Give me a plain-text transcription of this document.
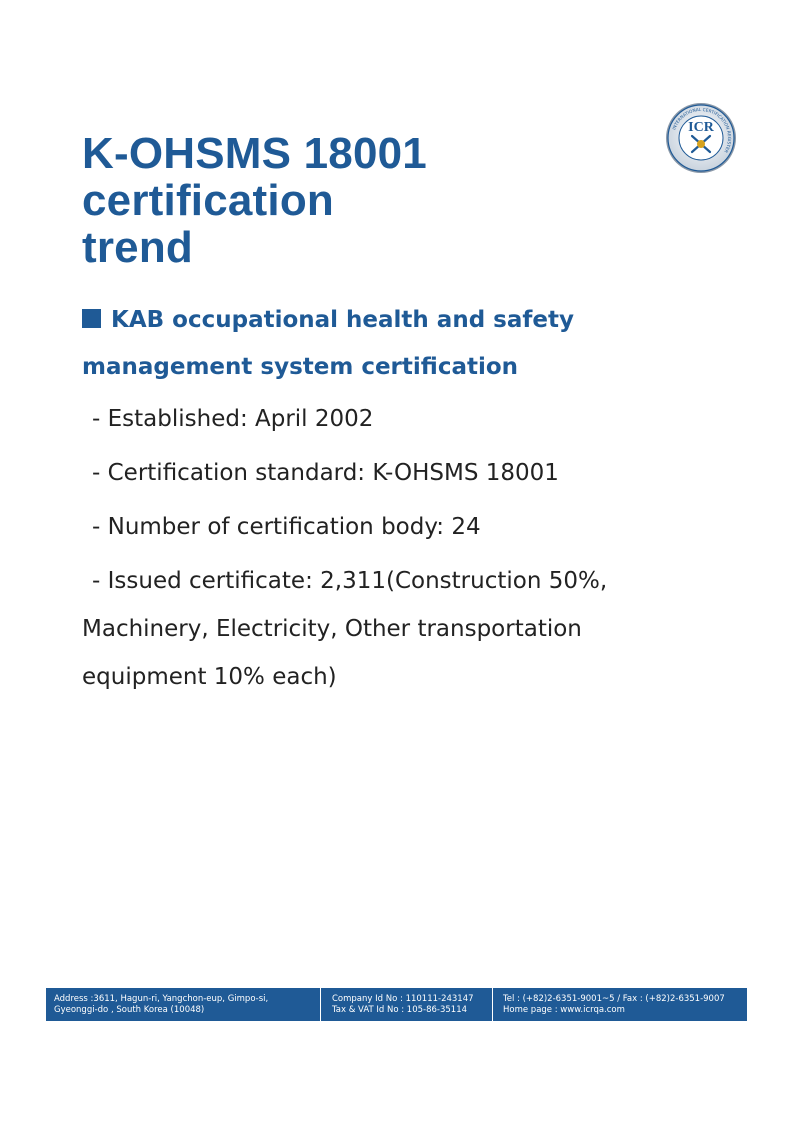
K-OHSMS 18001 certification
trend
INTERNATIONAL CERTIFICATION REGISTER
ICR
KAB occupational health and safety
management system certification
- Established: April 2002
- Certification standard: K-OHSMS 18001
- Number of certification body: 24
- Issued certificate: 2,311(Construction 50%,
Machinery, Electricity, Other transportation
equipment 10% each)
Address :3611, Hagun-ri, Yangchon-eup, Gimpo-si,
Gyeonggi-do , South Korea (10048)
Company Id No : 110111-243147
Tax & VAT Id No : 105-86-35114
Tel : (+82)2-6351-9001~5 / Fax : (+82)2-6351-9007
Home page : www.icrqa.com
